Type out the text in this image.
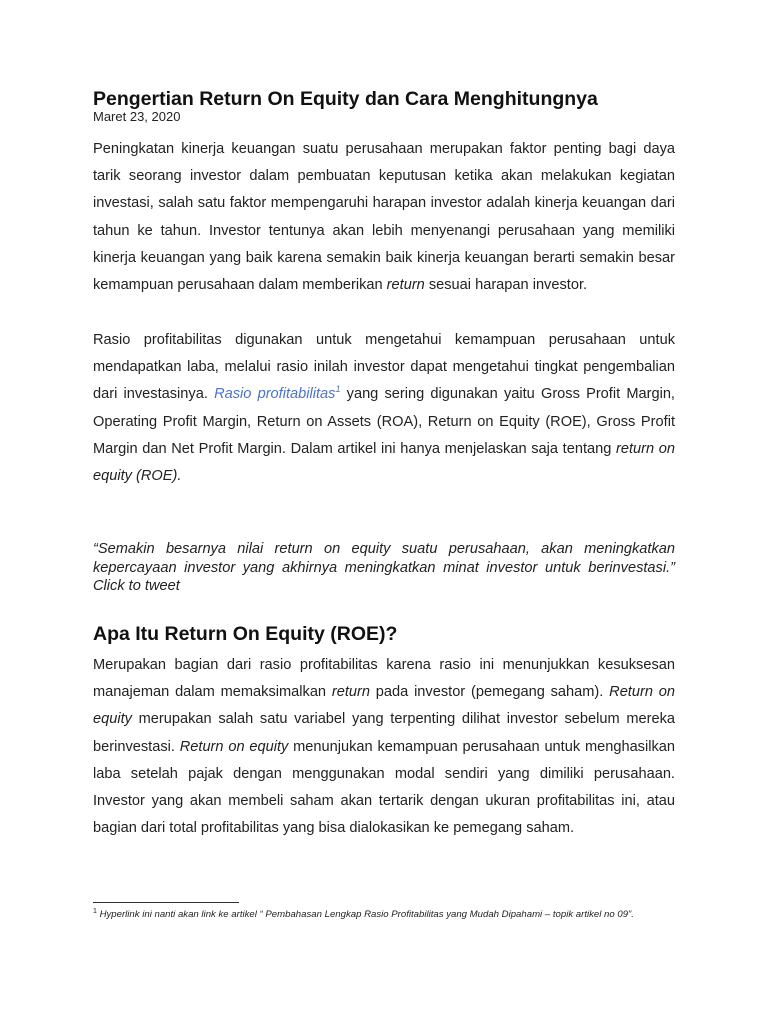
Pengertian Return On Equity dan Cara Menghitungnya
Maret 23, 2020

Peningkatan kinerja keuangan suatu perusahaan merupakan faktor penting bagi daya tarik seorang investor dalam pembuatan keputusan ketika akan melakukan kegiatan investasi, salah satu faktor mempengaruhi harapan investor adalah kinerja keuangan dari tahun ke tahun. Investor tentunya akan lebih menyenangi perusahaan yang memiliki kinerja keuangan yang baik karena semakin baik kinerja keuangan berarti semakin besar kemampuan perusahaan dalam memberikan return sesuai harapan investor.

Rasio profitabilitas digunakan untuk mengetahui kemampuan perusahaan untuk mendapatkan laba, melalui rasio inilah investor dapat mengetahui tingkat pengembalian dari investasinya. Rasio profitabilitas$^1$ yang sering digunakan yaitu Gross Profit Margin, Operating Profit Margin, Return on Assets (ROA), Return on Equity (ROE), Gross Profit Margin dan Net Profit Margin. Dalam artikel ini hanya menjelaskan saja tentang return on equity (ROE).

“Semakin besarnya nilai return on equity suatu perusahaan, akan meningkatkan kepercayaan investor yang akhirnya meningkatkan minat investor untuk berinvestasi.” Click to tweet

Apa Itu Return On Equity (ROE)?

Merupakan bagian dari rasio profitabilitas karena rasio ini menunjukkan kesuksesan manajeman dalam memaksimalkan return pada investor (pemegang saham). Return on equity merupakan salah satu variabel yang terpenting dilihat investor sebelum mereka berinvestasi. Return on equity menunjukan kemampuan perusahaan untuk menghasilkan laba setelah pajak dengan menggunakan modal sendiri yang dimiliki perusahaan. Investor yang akan membeli saham akan tertarik dengan ukuran profitabilitas ini, atau bagian dari total profitabilitas yang bisa dialokasikan ke pemegang saham.

$^1$ Hyperlink ini nanti akan link ke artikel “ Pembahasan Lengkap Rasio Profitabilitas yang Mudah Dipahami – topik artikel no 09”.
